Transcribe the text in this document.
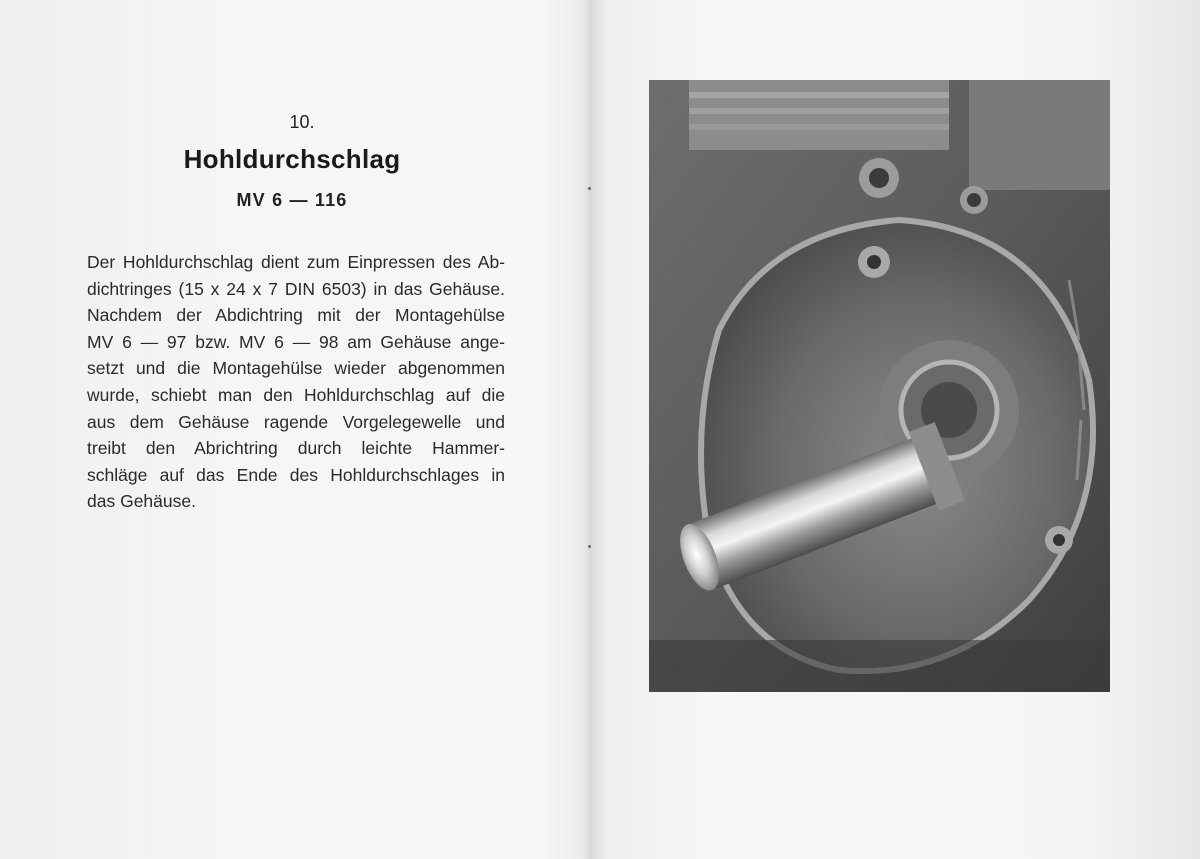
10.
Hohldurchschlag
MV 6 — 116

Der Hohldurchschlag dient zum Einpressen des Ab-
dichtringes (15 x 24 x 7 DIN 6503) in das Gehäuse.
Nachdem der Abdichtring mit der Montagehülse
MV 6 — 97 bzw. MV 6 — 98 am Gehäuse ange-
setzt und die Montagehülse wieder abgenommen
wurde, schiebt man den Hohldurchschlag auf die
aus dem Gehäuse ragende Vorgelegewelle und
treibt den Abrichtring durch leichte Hammer-
schläge auf das Ende des Hohldurchschlages in
das Gehäuse.
